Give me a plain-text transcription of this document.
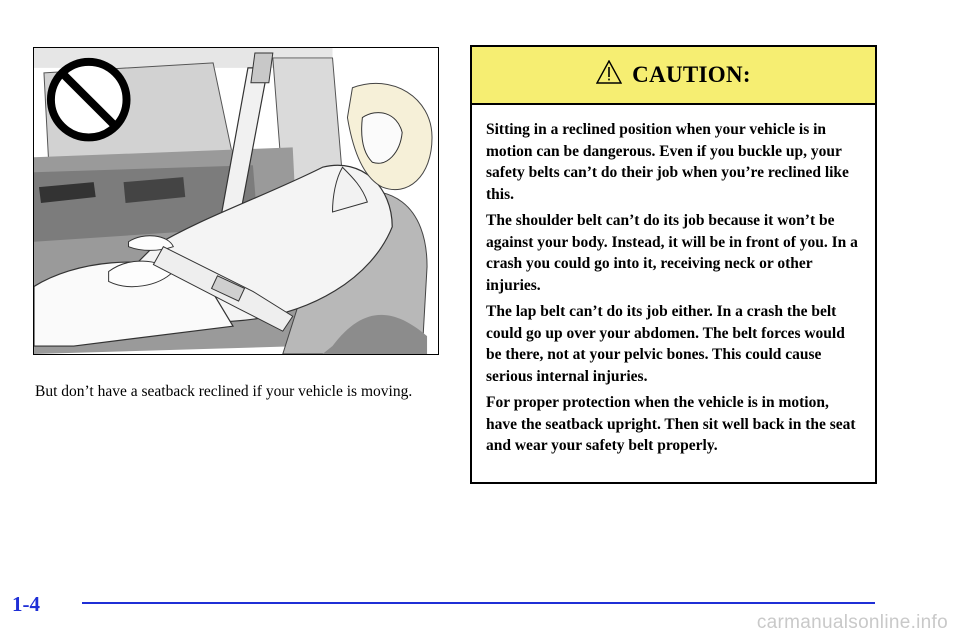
But don’t have a seatback reclined if your vehicle is moving.

CAUTION:

Sitting in a reclined position when your vehicle is in motion can be dangerous. Even if you buckle up, your safety belts can’t do their job when you’re reclined like this.

The shoulder belt can’t do its job because it won’t be against your body. Instead, it will be in front of you. In a crash you could go into it, receiving neck or other injuries.

The lap belt can’t do its job either. In a crash the belt could go up over your abdomen. The belt forces would be there, not at your pelvic bones. This could cause serious internal injuries.

For proper protection when the vehicle is in motion, have the seatback upright. Then sit well back in the seat and wear your safety belt properly.

1-4
carmanualsonline.info
